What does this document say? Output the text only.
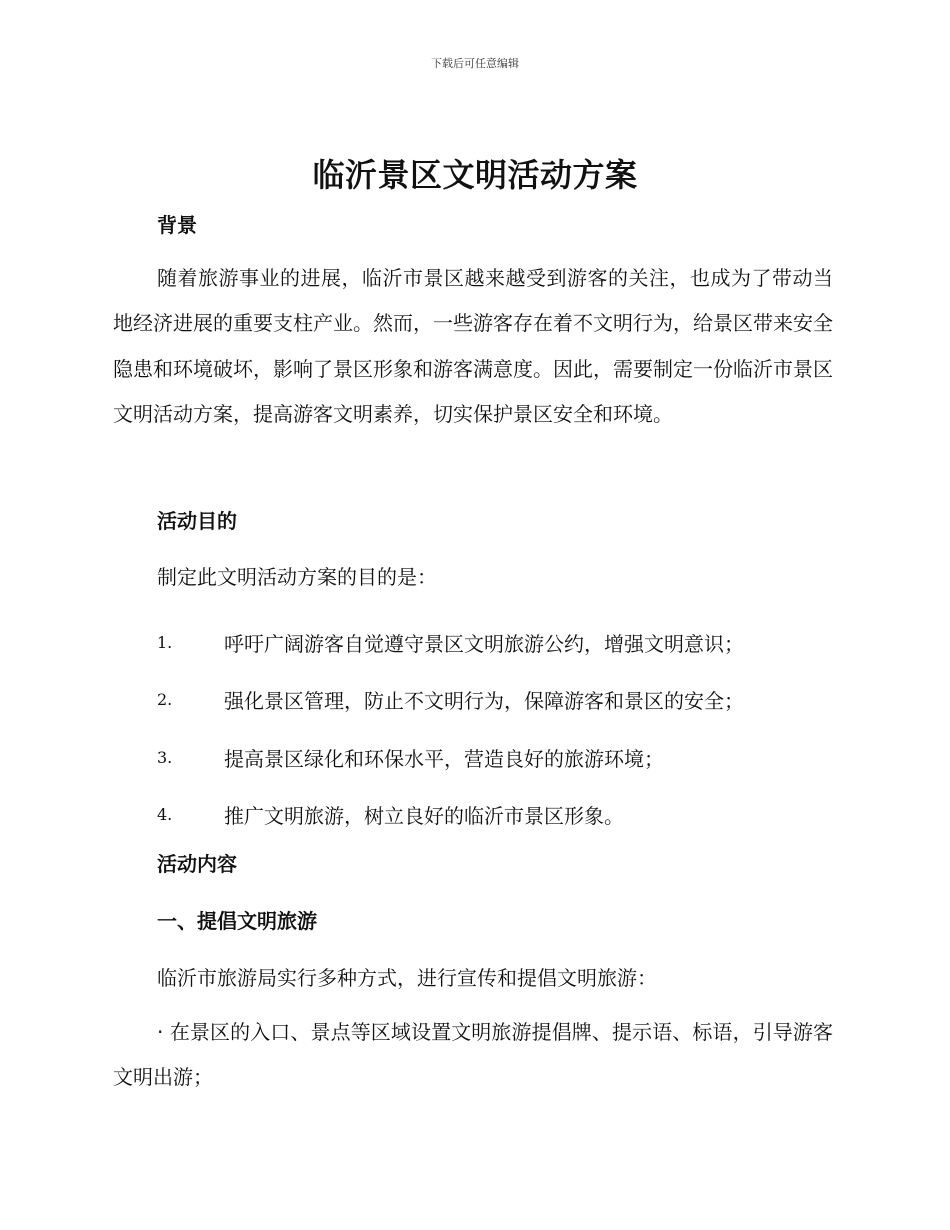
下载后可任意编辑
临沂景区文明活动方案
背景

随着旅游事业的进展，临沂市景区越来越受到游客的关注，也成为了带动当地经济进展的重要支柱产业。然而，一些游客存在着不文明行为，给景区带来安全隐患和环境破坏，影响了景区形象和游客满意度。因此，需要制定一份临沂市景区文明活动方案，提高游客文明素养，切实保护景区安全和环境。

活动目的

制定此文明活动方案的目的是：

1.	呼吁广阔游客自觉遵守景区文明旅游公约，增强文明意识；
2.	强化景区管理，防止不文明行为，保障游客和景区的安全；
3.	提高景区绿化和环保水平，营造良好的旅游环境；
4.	推广文明旅游，树立良好的临沂市景区形象。
活动内容
一、提倡文明旅游

临沂市旅游局实行多种方式，进行宣传和提倡文明旅游：

· 在景区的入口、景点等区域设置文明旅游提倡牌、提示语、标语，引导游客文明出游；
